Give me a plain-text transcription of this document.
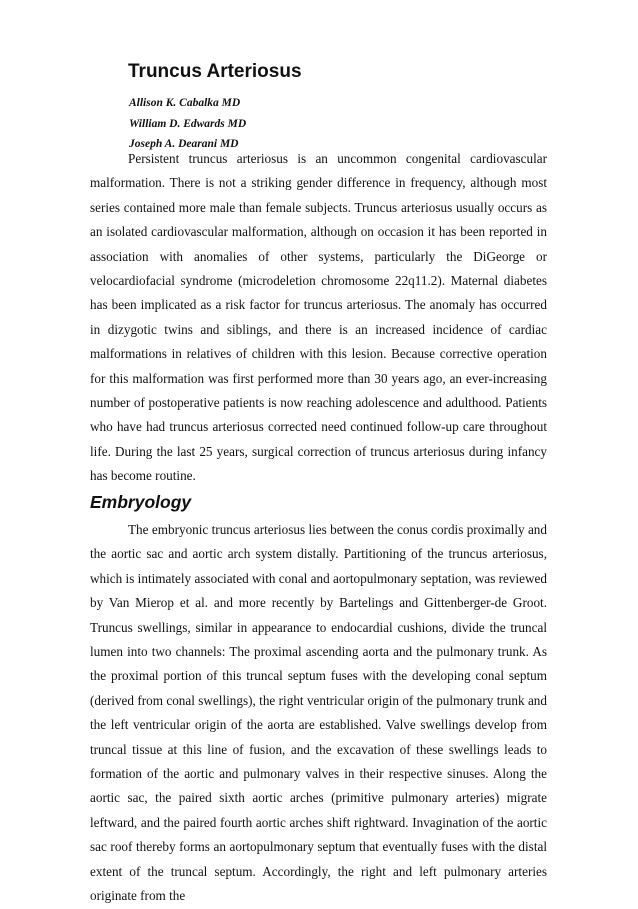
Truncus Arteriosus
Allison K. Cabalka MD
William D. Edwards MD
Joseph A. Dearani MD

Persistent truncus arteriosus is an uncommon congenital cardiovascular malformation. There is not a striking gender difference in frequency, although most series contained more male than female subjects. Truncus arteriosus usually occurs as an isolated cardiovascular malformation, although on occasion it has been reported in association with anomalies of other systems, particularly the DiGeorge or velocardiofacial syndrome (microdeletion chromosome 22q11.2). Maternal diabetes has been implicated as a risk factor for truncus arteriosus. The anomaly has occurred in dizygotic twins and siblings, and there is an increased incidence of cardiac malformations in relatives of children with this lesion. Because corrective operation for this malformation was first performed more than 30 years ago, an ever-increasing number of postoperative patients is now reaching adolescence and adulthood. Patients who have had truncus arteriosus corrected need continued follow-up care throughout life. During the last 25 years, surgical correction of truncus arteriosus during infancy has become routine.

Embryology

The embryonic truncus arteriosus lies between the conus cordis proximally and the aortic sac and aortic arch system distally. Partitioning of the truncus arteriosus, which is intimately associated with conal and aortopulmonary septation, was reviewed by Van Mierop et al. and more recently by Bartelings and Gittenberger-de Groot. Truncus swellings, similar in appearance to endocardial cushions, divide the truncal lumen into two channels: The proximal ascending aorta and the pulmonary trunk. As the proximal portion of this truncal septum fuses with the developing conal septum (derived from conal swellings), the right ventricular origin of the pulmonary trunk and the left ventricular origin of the aorta are established. Valve swellings develop from truncal tissue at this line of fusion, and the excavation of these swellings leads to formation of the aortic and pulmonary valves in their respective sinuses. Along the aortic sac, the paired sixth aortic arches (primitive pulmonary arteries) migrate leftward, and the paired fourth aortic arches shift rightward. Invagination of the aortic sac roof thereby forms an aortopulmonary septum that eventually fuses with the distal extent of the truncal septum. Accordingly, the right and left pulmonary arteries originate from the
